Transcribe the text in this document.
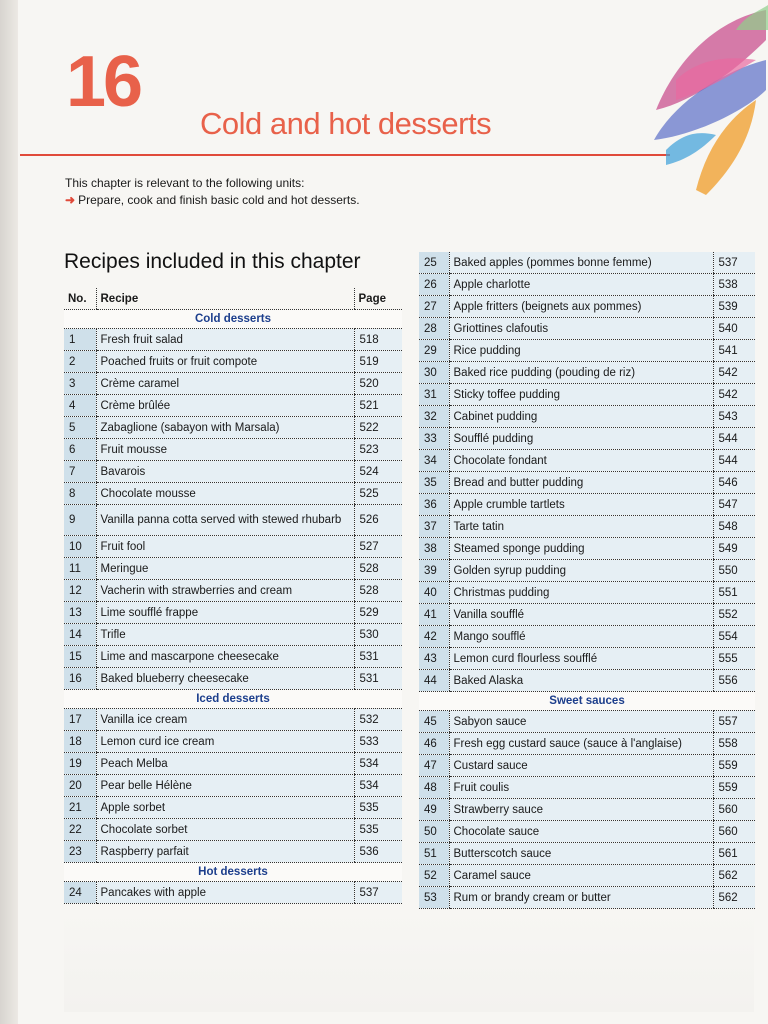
16
Cold and hot desserts
This chapter is relevant to the following units:
➜ Prepare, cook and finish basic cold and hot desserts.
Recipes included in this chapter
No.	Recipe	Page
Cold desserts		
1	Fresh fruit salad	518
2	Poached fruits or fruit compote	519
3	Crème caramel	520
4	Crème brûlée	521
5	Zabaglione (sabayon with Marsala)	522
6	Fruit mousse	523
7	Bavarois	524
8	Chocolate mousse	525
9	Vanilla panna cotta served with stewed rhubarb	526
10	Fruit fool	527
11	Meringue	528
12	Vacherin with strawberries and cream	528
13	Lime soufflé frappe	529
14	Trifle	530
15	Lime and mascarpone cheesecake	531
16	Baked blueberry cheesecake	531
Iced desserts		
17	Vanilla ice cream	532
18	Lemon curd ice cream	533
19	Peach Melba	534
20	Pear belle Hélène	534
21	Apple sorbet	535
22	Chocolate sorbet	535
23	Raspberry parfait	536
Hot desserts		
24	Pancakes with apple	537
25	Baked apples (pommes bonne femme)	537
26	Apple charlotte	538
27	Apple fritters (beignets aux pommes)	539
28	Griottines clafoutis	540
29	Rice pudding	541
30	Baked rice pudding (pouding de riz)	542
31	Sticky toffee pudding	542
32	Cabinet pudding	543
33	Soufflé pudding	544
34	Chocolate fondant	544
35	Bread and butter pudding	546
36	Apple crumble tartlets	547
37	Tarte tatin	548
38	Steamed sponge pudding	549
39	Golden syrup pudding	550
40	Christmas pudding	551
41	Vanilla soufflé	552
42	Mango soufflé	554
43	Lemon curd flourless soufflé	555
44	Baked Alaska	556
Sweet sauces		
45	Sabyon sauce	557
46	Fresh egg custard sauce (sauce à l'anglaise)	558
47	Custard sauce	559
48	Fruit coulis	559
49	Strawberry sauce	560
50	Chocolate sauce	560
51	Butterscotch sauce	561
52	Caramel sauce	562
53	Rum or brandy cream or butter	562
